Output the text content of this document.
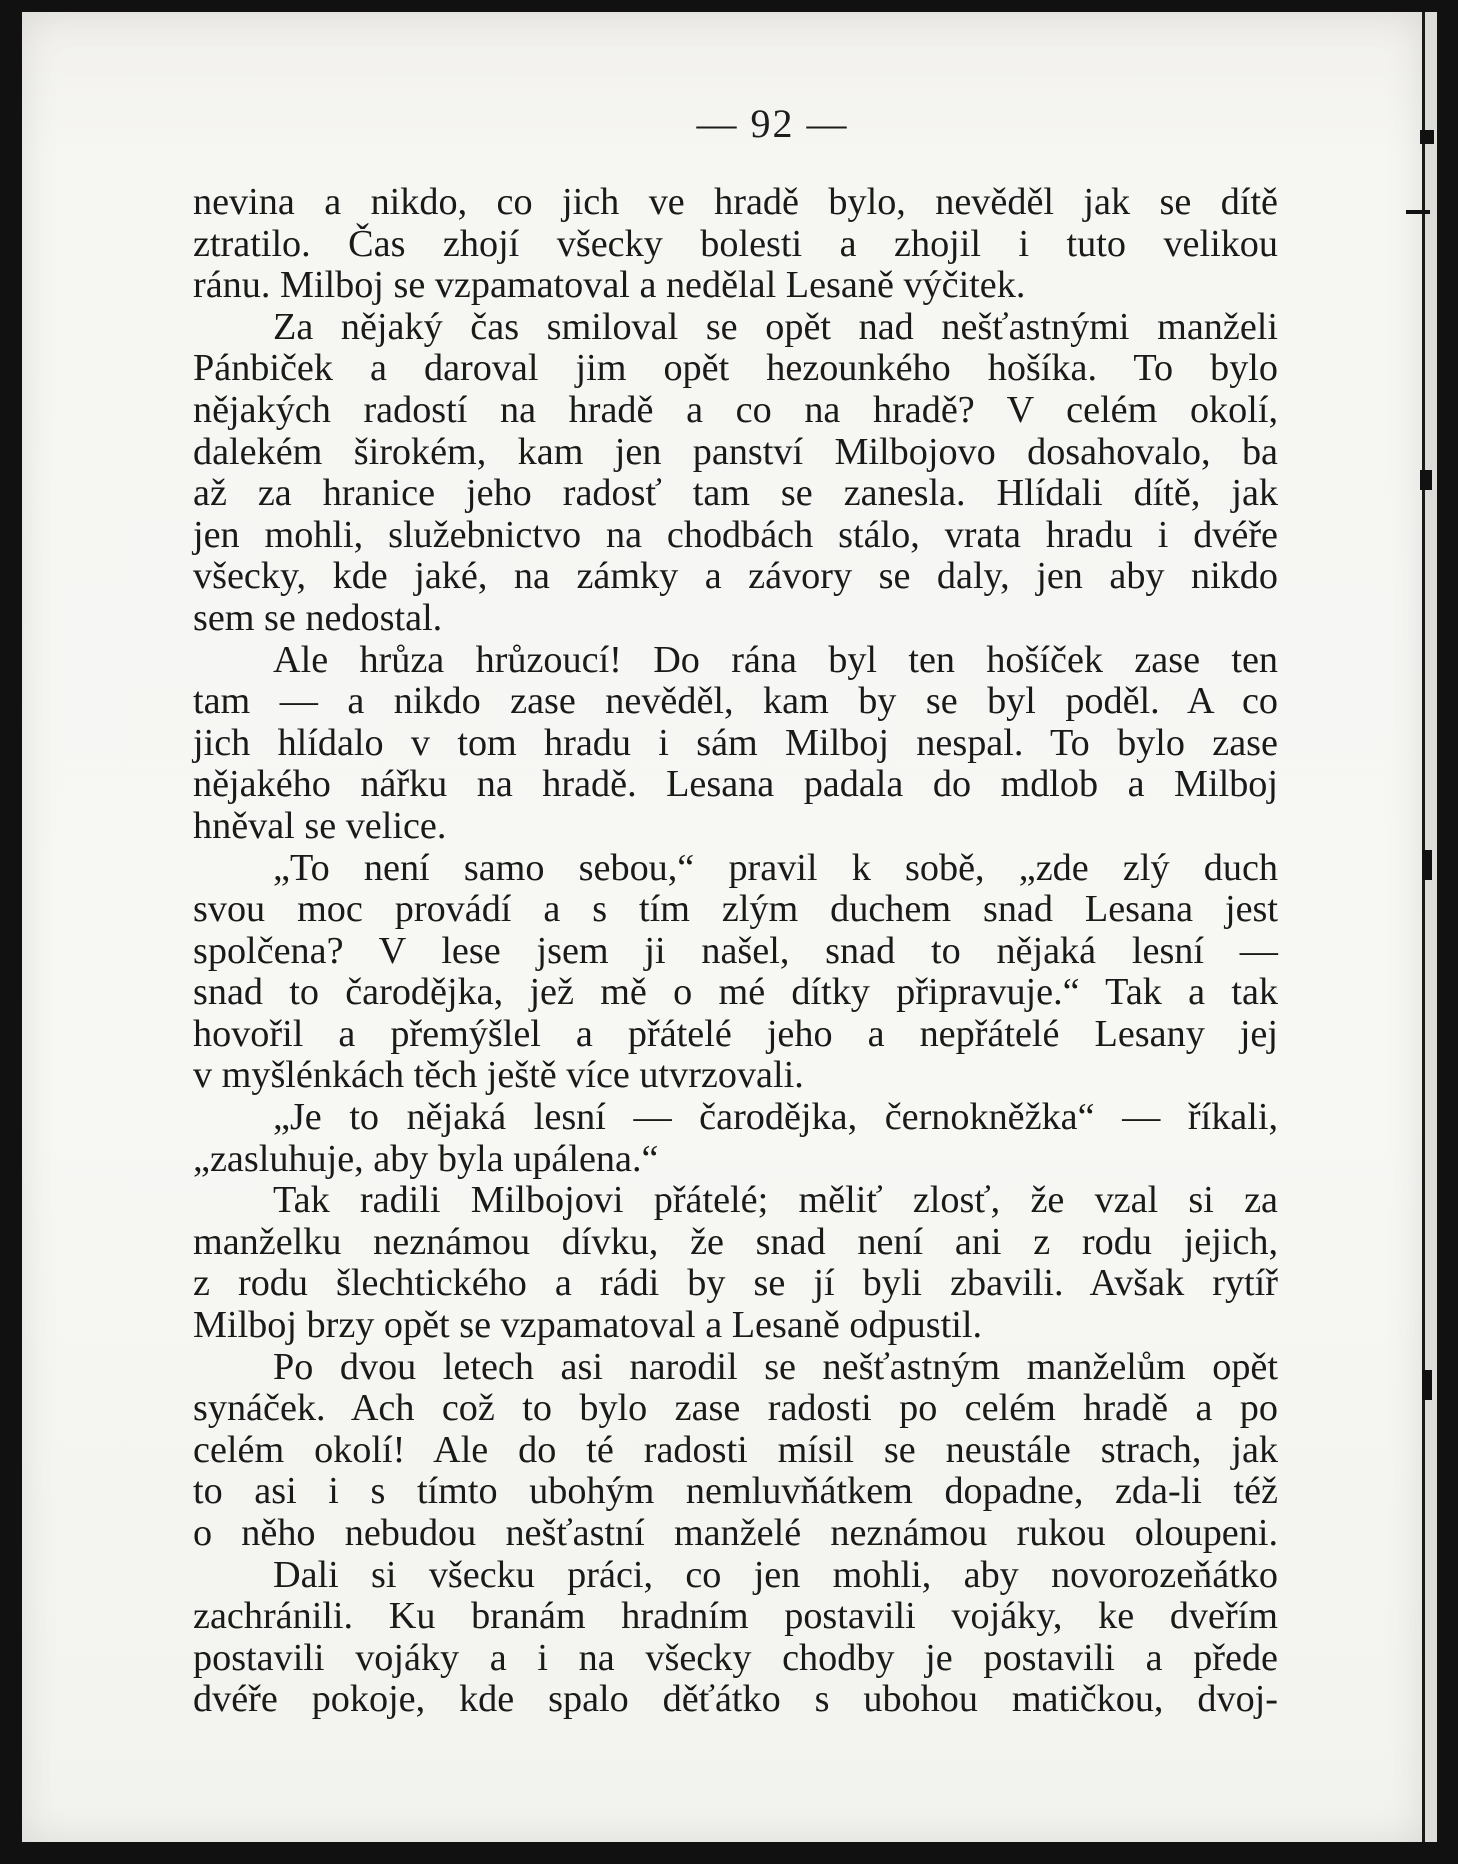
— 92 —
nevina a nikdo, co jich ve hradě bylo, nevěděl jak se dítě
ztratilo. Čas zhojí všecky bolesti a zhojil i tuto velikou
ránu. Milboj se vzpamatoval a nedělal Lesaně výčitek.
Za nějaký čas smiloval se opět nad nešťastnými manželi
Pánbiček a daroval jim opět hezounkého hošíka. To bylo
nějakých radostí na hradě a co na hradě? V celém okolí,
dalekém širokém, kam jen panství Milbojovo dosahovalo, ba
až za hranice jeho radosť tam se zanesla. Hlídali dítě, jak
jen mohli, služebnictvo na chodbách stálo, vrata hradu i dvéře
všecky, kde jaké, na zámky a závory se daly, jen aby nikdo
sem se nedostal.
Ale hrůza hrůzoucí! Do rána byl ten hošíček zase ten
tam — a nikdo zase nevěděl, kam by se byl poděl. A co
jich hlídalo v tom hradu i sám Milboj nespal. To bylo zase
nějakého nářku na hradě. Lesana padala do mdlob a Milboj
hněval se velice.
„To není samo sebou,“ pravil k sobě, „zde zlý duch
svou moc provádí a s tím zlým duchem snad Lesana jest
spolčena? V lese jsem ji našel, snad to nějaká lesní —
snad to čarodějka, jež mě o mé dítky připravuje.“ Tak a tak
hovořil a přemýšlel a přátelé jeho a nepřátelé Lesany jej
v myšlénkách těch ještě více utvrzovali.
„Je to nějaká lesní — čarodějka, černokněžka“ — říkali,
„zasluhuje, aby byla upálena.“
Tak radili Milbojovi přátelé; měliť zlosť, že vzal si za
manželku neznámou dívku, že snad není ani z rodu jejich,
z rodu šlechtického a rádi by se jí byli zbavili. Avšak rytíř
Milboj brzy opět se vzpamatoval a Lesaně odpustil.
Po dvou letech asi narodil se nešťastným manželům opět
synáček. Ach což to bylo zase radosti po celém hradě a po
celém okolí! Ale do té radosti mísil se neustále strach, jak
to asi i s tímto ubohým nemluvňátkem dopadne, zda-li též
o něho nebudou nešťastní manželé neznámou rukou oloupeni.
Dali si všecku práci, co jen mohli, aby novorozeňátko
zachránili. Ku branám hradním postavili vojáky, ke dveřím
postavili vojáky a i na všecky chodby je postavili a přede
dvéře pokoje, kde spalo děťátko s ubohou matičkou, dvoj-
